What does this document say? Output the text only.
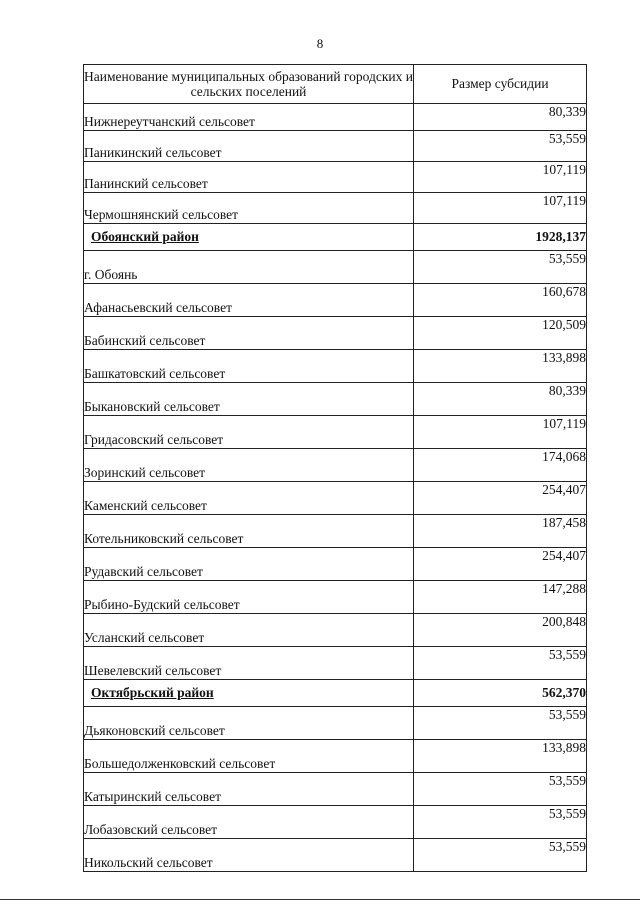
8
Наименование муниципальных образований городских и сельских поселений	Размер субсидии
Нижнереутчанский сельсовет	80,339
Паникинский сельсовет	53,559
Панинский сельсовет	107,119
Чермошнянский сельсовет	107,119
Обоянский район	1928,137
г. Обоянь	53,559
Афанасьевский сельсовет	160,678
Бабинский сельсовет	120,509
Башкатовский сельсовет	133,898
Быкановский сельсовет	80,339
Гридасовский сельсовет	107,119
Зоринский сельсовет	174,068
Каменский сельсовет	254,407
Котельниковский сельсовет	187,458
Рудавский сельсовет	254,407
Рыбино-Будский сельсовет	147,288
Усланский сельсовет	200,848
Шевелевский сельсовет	53,559
Октябрьский район	562,370
Дьяконовский сельсовет	53,559
Большедолженковский сельсовет	133,898
Катыринский сельсовет	53,559
Лобазовский сельсовет	53,559
Никольский сельсовет	53,559
